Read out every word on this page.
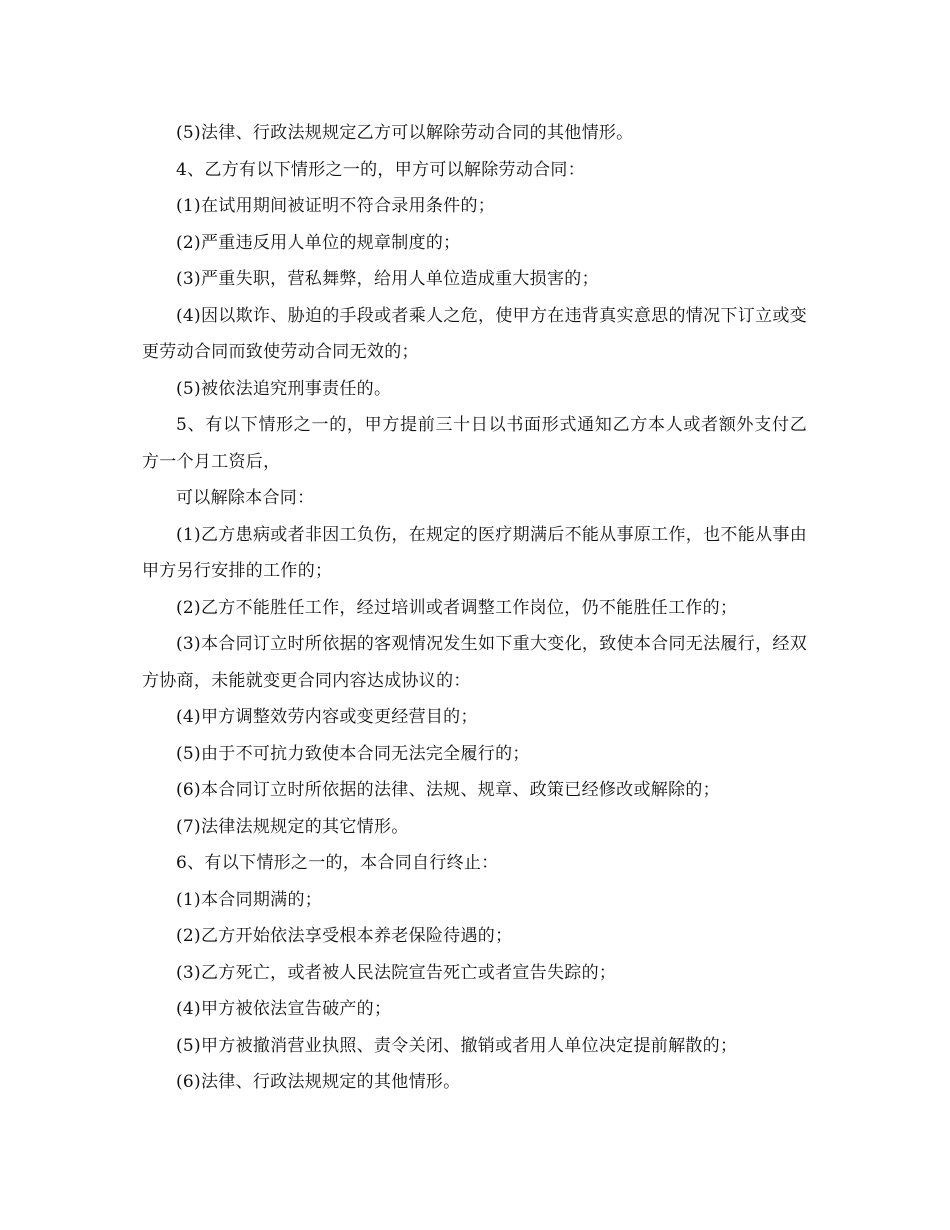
(5)法律、行政法规规定乙方可以解除劳动合同的其他情形。

4、乙方有以下情形之一的，甲方可以解除劳动合同：

(1)在试用期间被证明不符合录用条件的；

(2)严重违反用人单位的规章制度的；

(3)严重失职，营私舞弊，给用人单位造成重大损害的；

(4)因以欺诈、胁迫的手段或者乘人之危，使甲方在违背真实意思的情况下订立或变更劳动合同而致使劳动合同无效的；

(5)被依法追究刑事责任的。

5、有以下情形之一的，甲方提前三十日以书面形式通知乙方本人或者额外支付乙方一个月工资后，

可以解除本合同：

(1)乙方患病或者非因工负伤，在规定的医疗期满后不能从事原工作，也不能从事由甲方另行安排的工作的；

(2)乙方不能胜任工作，经过培训或者调整工作岗位，仍不能胜任工作的；

(3)本合同订立时所依据的客观情况发生如下重大变化，致使本合同无法履行，经双方协商，未能就变更合同内容达成协议的：

(4)甲方调整效劳内容或变更经营目的；

(5)由于不可抗力致使本合同无法完全履行的；

(6)本合同订立时所依据的法律、法规、规章、政策已经修改或解除的；

(7)法律法规规定的其它情形。

6、有以下情形之一的，本合同自行终止：

(1)本合同期满的；

(2)乙方开始依法享受根本养老保险待遇的；

(3)乙方死亡，或者被人民法院宣告死亡或者宣告失踪的；

(4)甲方被依法宣告破产的；

(5)甲方被撤消营业执照、责令关闭、撤销或者用人单位决定提前解散的；

(6)法律、行政法规规定的其他情形。
